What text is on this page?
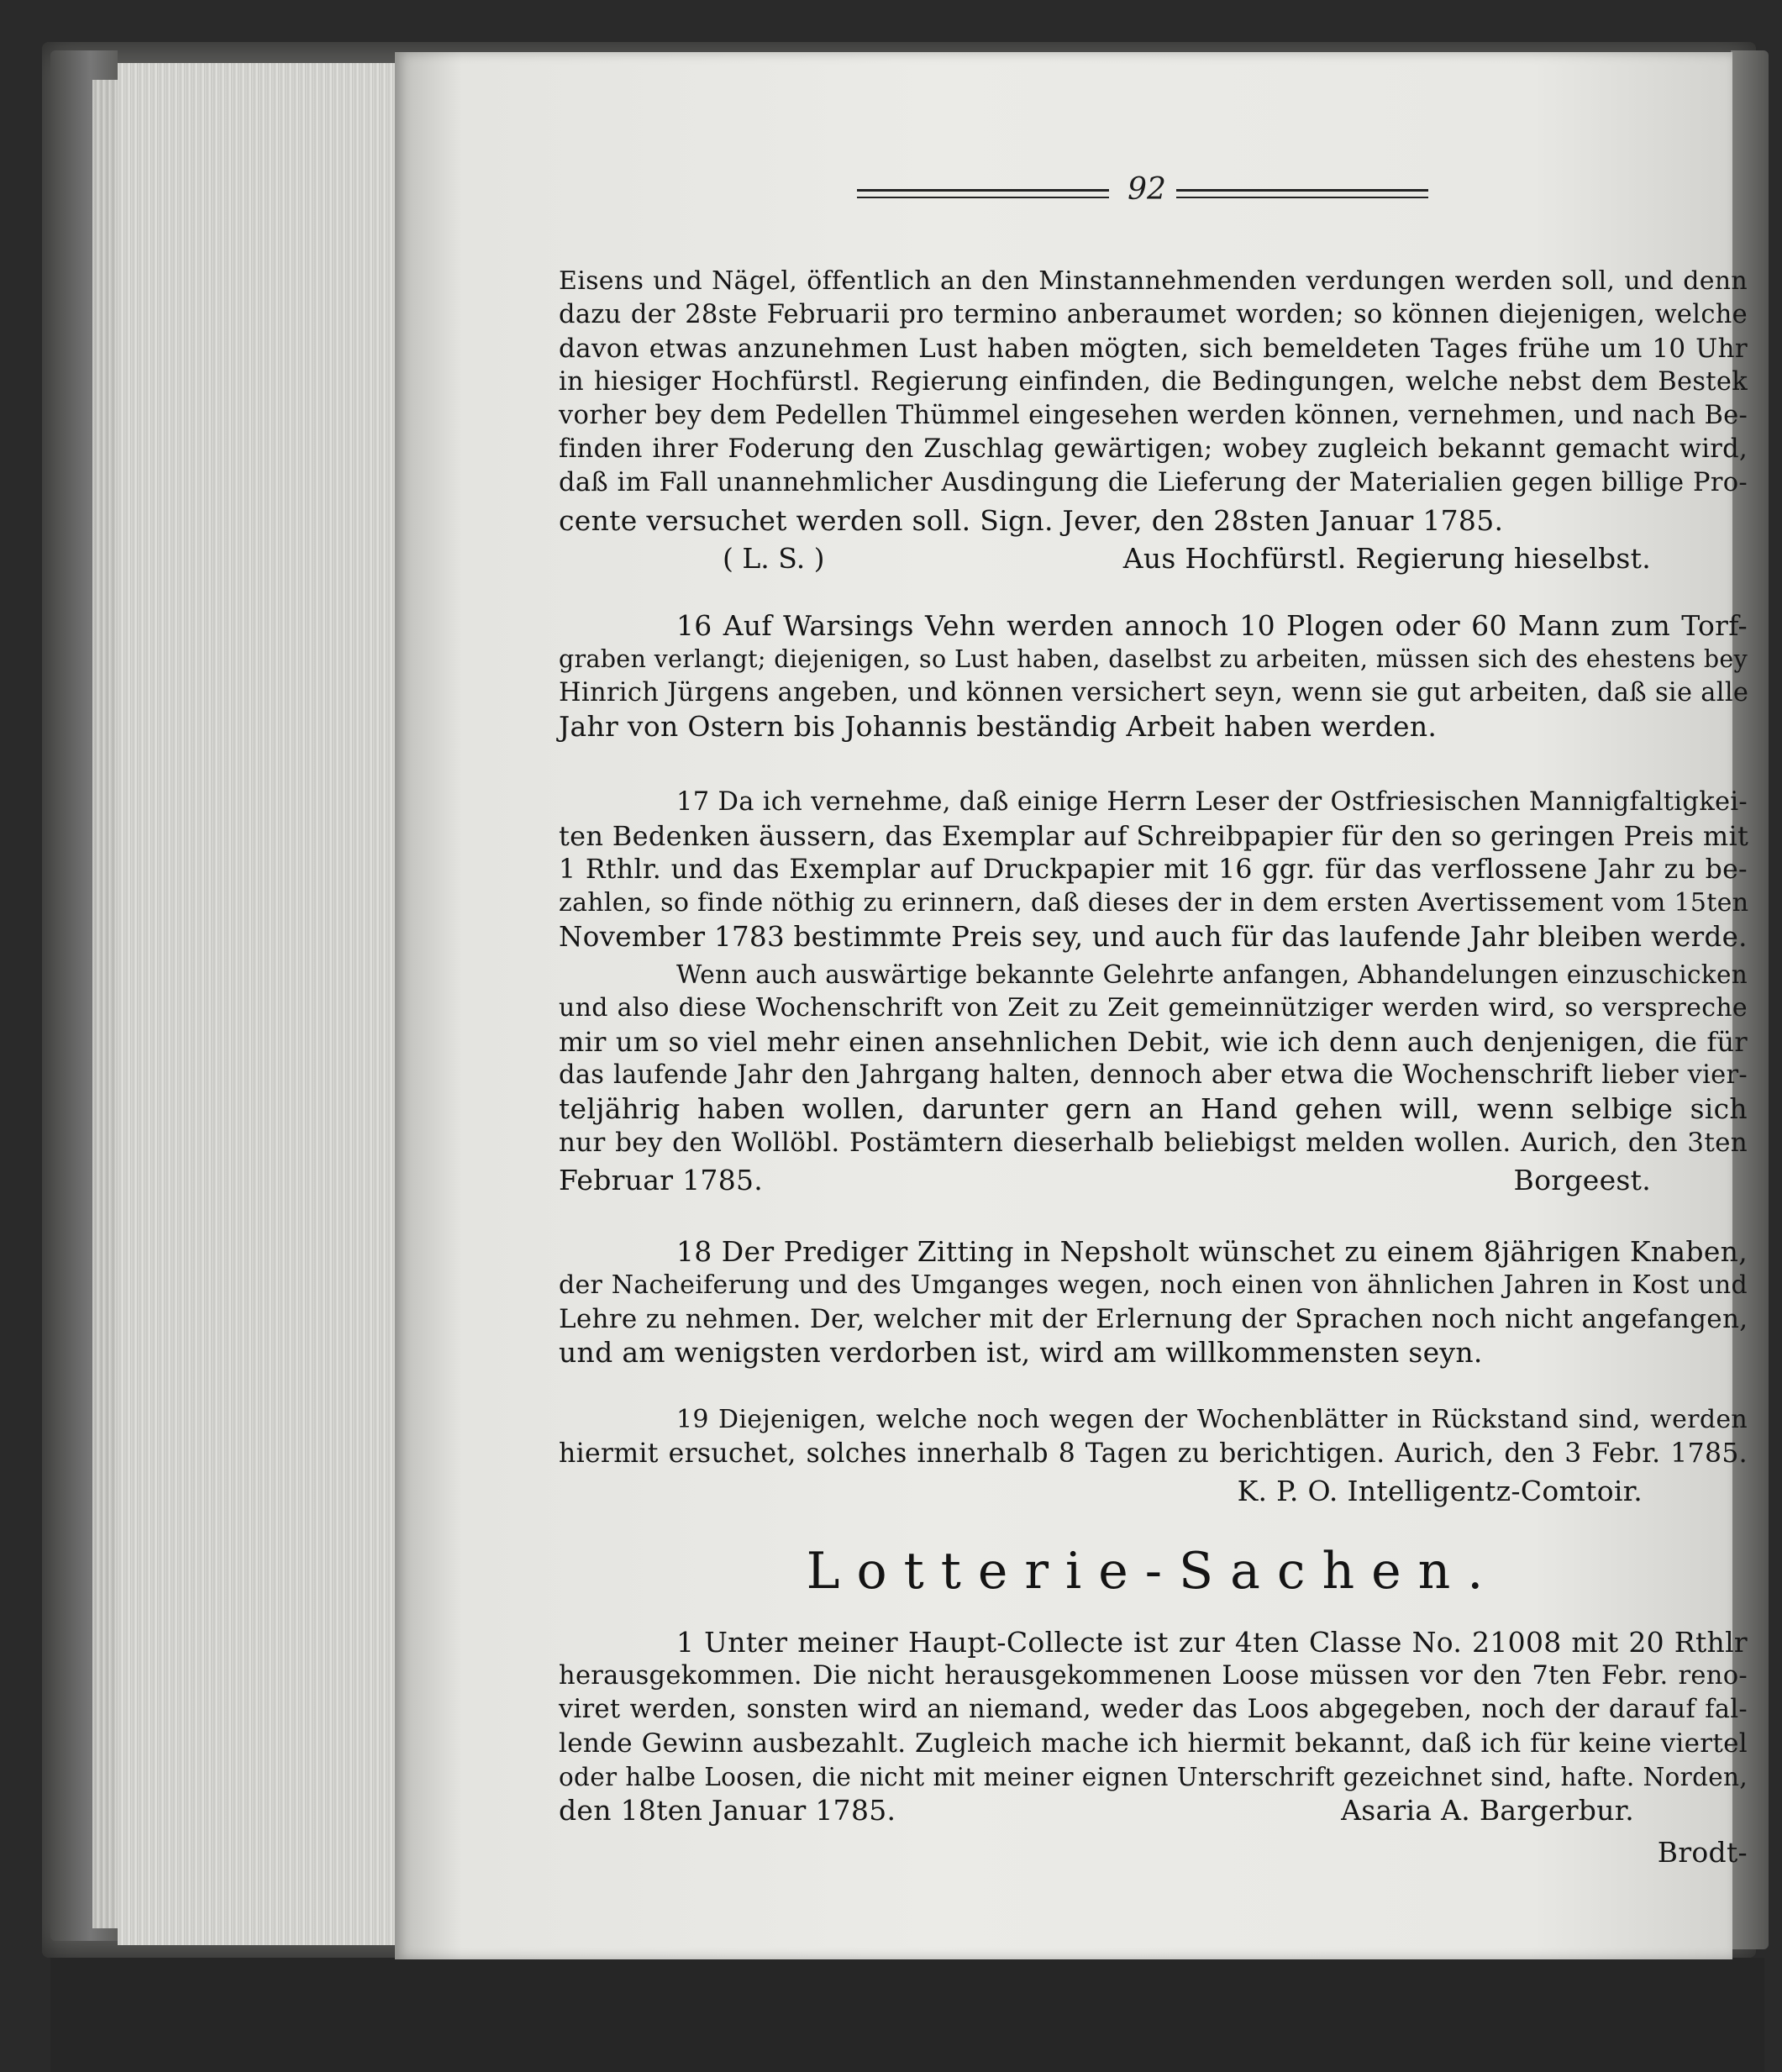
92
Eisens und Nägel, öffentlich an den Minstannehmenden verdungen werden soll, und denn
dazu der 28ste Februarii pro termino anberaumet worden; so können diejenigen, welche
davon etwas anzunehmen Lust haben mögten, sich bemeldeten Tages frühe um 10 Uhr
in hiesiger Hochfürstl. Regierung einfinden, die Bedingungen, welche nebst dem Bestek
vorher bey dem Pedellen Thümmel eingesehen werden können, vernehmen, und nach Be-
finden ihrer Foderung den Zuschlag gewärtigen; wobey zugleich bekannt gemacht wird,
daß im Fall unannehmlicher Ausdingung die Lieferung der Materialien gegen billige Pro-
cente versuchet werden soll. Sign. Jever, den 28sten Januar 1785.
( L. S. )	Aus Hochfürstl. Regierung hieselbst.
16 Auf Warsings Vehn werden annoch 10 Plogen oder 60 Mann zum Torf-
graben verlangt; diejenigen, so Lust haben, daselbst zu arbeiten, müssen sich des ehestens bey
Hinrich Jürgens angeben, und können versichert seyn, wenn sie gut arbeiten, daß sie alle
Jahr von Ostern bis Johannis beständig Arbeit haben werden.
17 Da ich vernehme, daß einige Herrn Leser der Ostfriesischen Mannigfaltigkei-
ten Bedenken äussern, das Exemplar auf Schreibpapier für den so geringen Preis mit
1 Rthlr. und das Exemplar auf Druckpapier mit 16 ggr. für das verflossene Jahr zu be-
zahlen, so finde nöthig zu erinnern, daß dieses der in dem ersten Avertissement vom 15ten
November 1783 bestimmte Preis sey, und auch für das laufende Jahr bleiben werde.
Wenn auch auswärtige bekannte Gelehrte anfangen, Abhandelungen einzuschicken
und also diese Wochenschrift von Zeit zu Zeit gemeinnütziger werden wird, so verspreche
mir um so viel mehr einen ansehnlichen Debit, wie ich denn auch denjenigen, die für
das laufende Jahr den Jahrgang halten, dennoch aber etwa die Wochenschrift lieber vier-
teljährig haben wollen, darunter gern an Hand gehen will, wenn selbige sich
nur bey den Wollöbl. Postämtern dieserhalb beliebigst melden wollen. Aurich, den 3ten
Februar 1785.	Borgeest.
18 Der Prediger Zitting in Nepsholt wünschet zu einem 8jährigen Knaben,
der Nacheiferung und des Umganges wegen, noch einen von ähnlichen Jahren in Kost und
Lehre zu nehmen. Der, welcher mit der Erlernung der Sprachen noch nicht angefangen,
und am wenigsten verdorben ist, wird am willkommensten seyn.
19 Diejenigen, welche noch wegen der Wochenblätter in Rückstand sind, werden
hiermit ersuchet, solches innerhalb 8 Tagen zu berichtigen. Aurich, den 3 Febr. 1785.
K. P. O. Intelligentz-Comtoir.
Lotterie-Sachen.
1 Unter meiner Haupt-Collecte ist zur 4ten Classe No. 21008 mit 20 Rthlr
herausgekommen. Die nicht herausgekommenen Loose müssen vor den 7ten Febr. reno-
viret werden, sonsten wird an niemand, weder das Loos abgegeben, noch der darauf fal-
lende Gewinn ausbezahlt. Zugleich mache ich hiermit bekannt, daß ich für keine viertel
oder halbe Loosen, die nicht mit meiner eignen Unterschrift gezeichnet sind, hafte. Norden,
den 18ten Januar 1785.	Asaria A. Bargerbur.
Brodt-
